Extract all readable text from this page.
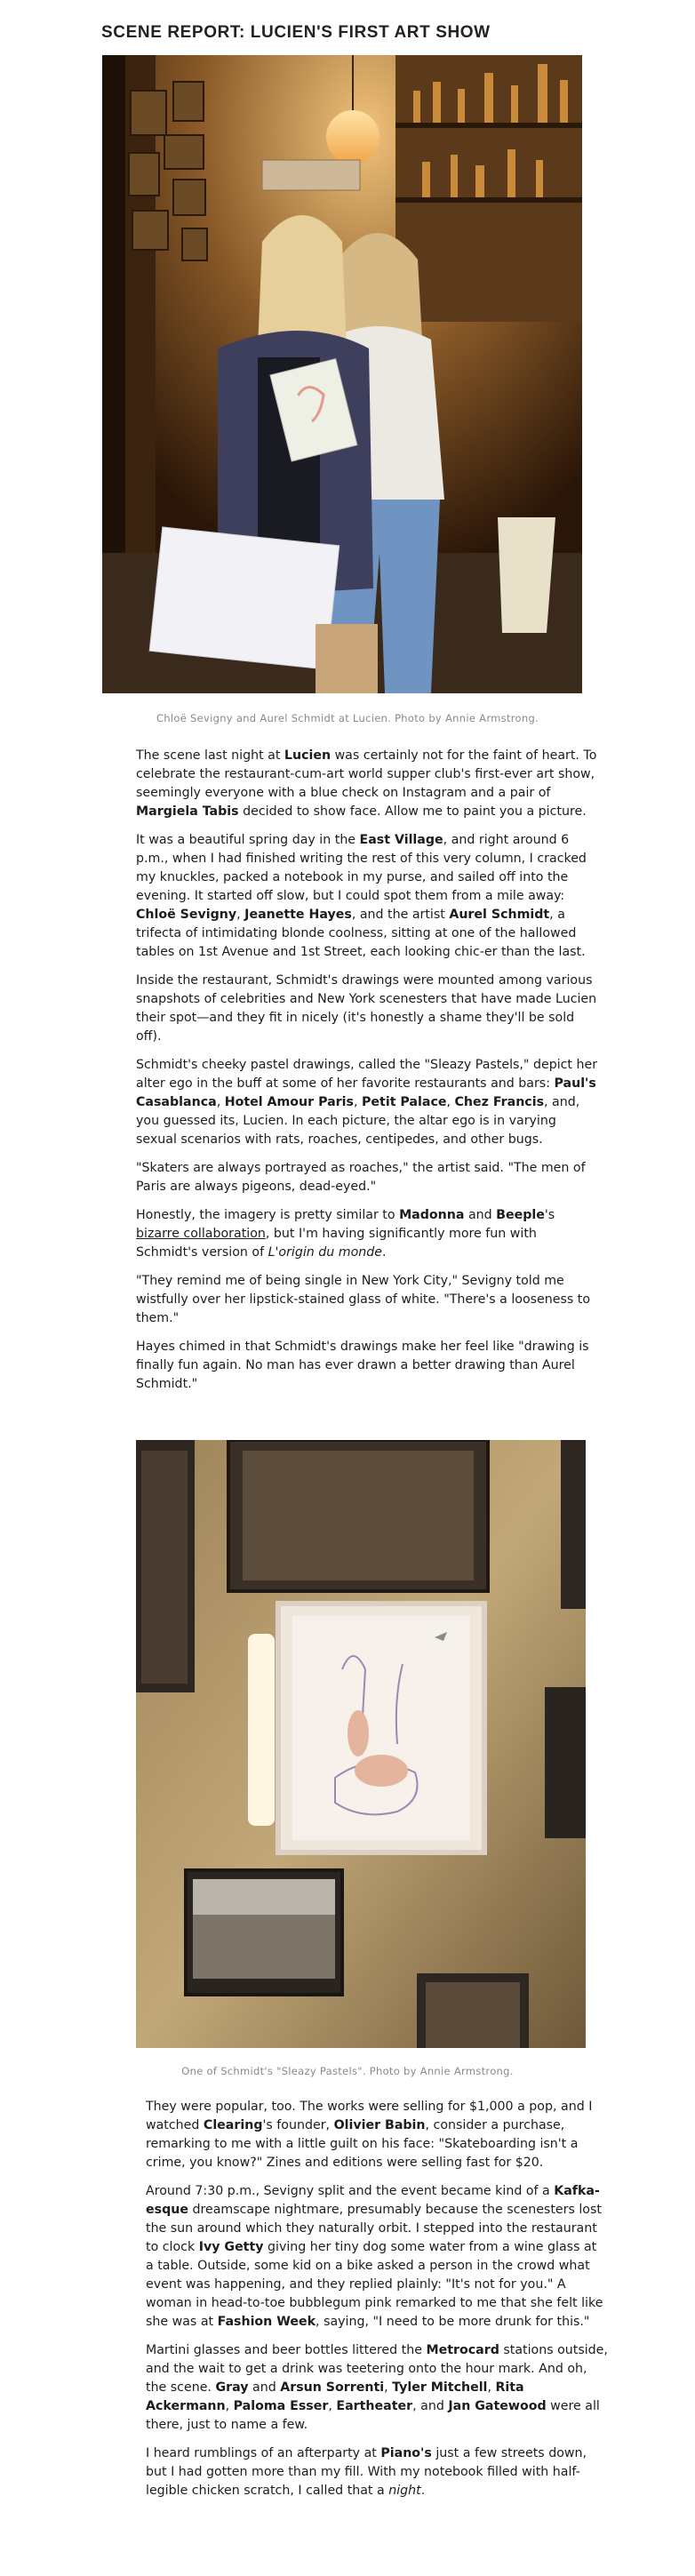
SCENE REPORT: LUCIEN'S FIRST ART SHOW
Chloë Sevigny and Aurel Schmidt at Lucien. Photo by Annie Armstrong.

The scene last night at Lucien was certainly not for the faint of heart. To celebrate the restaurant-cum-art world supper club's first-ever art show, seemingly everyone with a blue check on Instagram and a pair of Margiela Tabis decided to show face. Allow me to paint you a picture.

It was a beautiful spring day in the East Village, and right around 6 p.m., when I had finished writing the rest of this very column, I cracked my knuckles, packed a notebook in my purse, and sailed off into the evening. It started off slow, but I could spot them from a mile away: Chloë Sevigny, Jeanette Hayes, and the artist Aurel Schmidt, a trifecta of intimidating blonde coolness, sitting at one of the hallowed tables on 1st Avenue and 1st Street, each looking chic-er than the last.

Inside the restaurant, Schmidt's drawings were mounted among various snapshots of celebrities and New York scenesters that have made Lucien their spot—and they fit in nicely (it's honestly a shame they'll be sold off).

Schmidt's cheeky pastel drawings, called the "Sleazy Pastels," depict her alter ego in the buff at some of her favorite restaurants and bars: Paul's Casablanca, Hotel Amour Paris, Petit Palace, Chez Francis, and, you guessed its, Lucien. In each picture, the altar ego is in varying sexual scenarios with rats, roaches, centipedes, and other bugs.

"Skaters are always portrayed as roaches," the artist said. "The men of Paris are always pigeons, dead-eyed."

Honestly, the imagery is pretty similar to Madonna and Beeple's bizarre collaboration, but I'm having significantly more fun with Schmidt's version of L'origin du monde.

"They remind me of being single in New York City," Sevigny told me wistfully over her lipstick-stained glass of white. "There's a looseness to them."

Hayes chimed in that Schmidt's drawings make her feel like "drawing is finally fun again. No man has ever drawn a better drawing than Aurel Schmidt."

One of Schmidt's "Sleazy Pastels". Photo by Annie Armstrong.

They were popular, too. The works were selling for $1,000 a pop, and I watched Clearing's founder, Olivier Babin, consider a purchase, remarking to me with a little guilt on his face: "Skateboarding isn't a crime, you know?" Zines and editions were selling fast for $20.

Around 7:30 p.m., Sevigny split and the event became kind of a Kafka-esque dreamscape nightmare, presumably because the scenesters lost the sun around which they naturally orbit. I stepped into the restaurant to clock Ivy Getty giving her tiny dog some water from a wine glass at a table. Outside, some kid on a bike asked a person in the crowd what event was happening, and they replied plainly: "It's not for you." A woman in head-to-toe bubblegum pink remarked to me that she felt like she was at Fashion Week, saying, "I need to be more drunk for this."

Martini glasses and beer bottles littered the Metrocard stations outside, and the wait to get a drink was teetering onto the hour mark. And oh, the scene. Gray and Arsun Sorrenti, Tyler Mitchell, Rita Ackermann, Paloma Esser, Eartheater, and Jan Gatewood were all there, just to name a few.

I heard rumblings of an afterparty at Piano's just a few streets down, but I had gotten more than my fill. With my notebook filled with half-legible chicken scratch, I called that a night.
